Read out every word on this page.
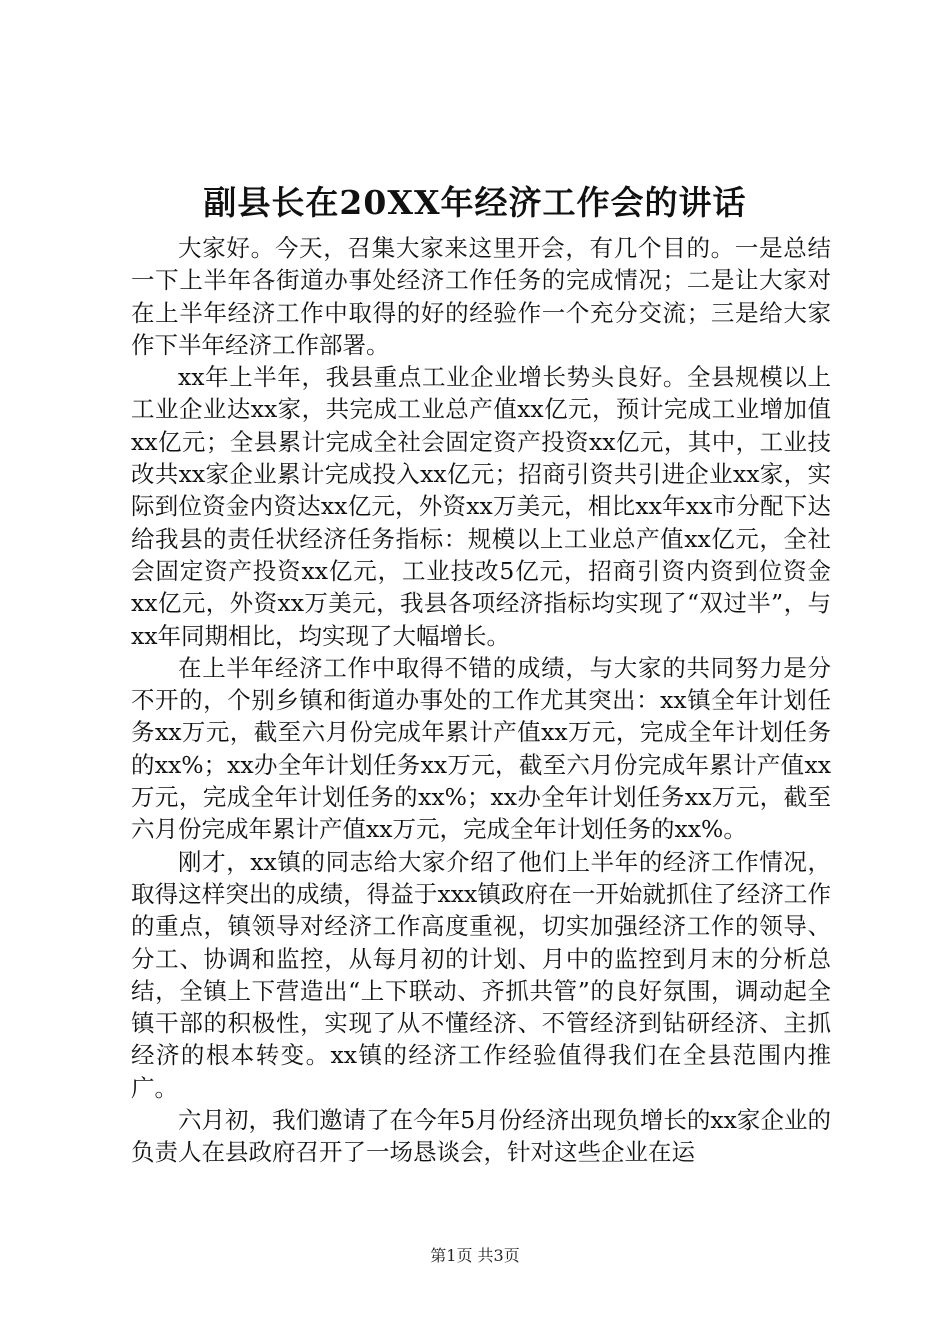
副县长在20XX年经济工作会的讲话

大家好。今天，召集大家来这里开会，有几个目的。一是总结一下上半年各街道办事处经济工作任务的完成情况；二是让大家对在上半年经济工作中取得的好的经验作一个充分交流；三是给大家作下半年经济工作部署。

xx年上半年，我县重点工业企业增长势头良好。全县规模以上工业企业达xx家，共完成工业总产值xx亿元，预计完成工业增加值xx亿元；全县累计完成全社会固定资产投资xx亿元，其中，工业技改共xx家企业累计完成投入xx亿元；招商引资共引进企业xx家，实际到位资金内资达xx亿元，外资xx万美元，相比xx年xx市分配下达给我县的责任状经济任务指标：规模以上工业总产值xx亿元，全社会固定资产投资xx亿元，工业技改5亿元，招商引资内资到位资金xx亿元，外资xx万美元，我县各项经济指标均实现了“双过半”，与xx年同期相比，均实现了大幅增长。

在上半年经济工作中取得不错的成绩，与大家的共同努力是分不开的，个别乡镇和街道办事处的工作尤其突出：xx镇全年计划任务xx万元，截至六月份完成年累计产值xx万元，完成全年计划任务的xx%；xx办全年计划任务xx万元，截至六月份完成年累计产值xx万元，完成全年计划任务的xx%；xx办全年计划任务xx万元，截至六月份完成年累计产值xx万元，完成全年计划任务的xx%。

刚才，xx镇的同志给大家介绍了他们上半年的经济工作情况，取得这样突出的成绩，得益于xxx镇政府在一开始就抓住了经济工作的重点，镇领导对经济工作高度重视，切实加强经济工作的领导、分工、协调和监控，从每月初的计划、月中的监控到月末的分析总结，全镇上下营造出“上下联动、齐抓共管”的良好氛围，调动起全镇干部的积极性，实现了从不懂经济、不管经济到钻研经济、主抓经济的根本转变。xx镇的经济工作经验值得我们在全县范围内推广。

六月初，我们邀请了在今年5月份经济出现负增长的xx家企业的负责人在县政府召开了一场恳谈会，针对这些企业在运

第1页 共3页
